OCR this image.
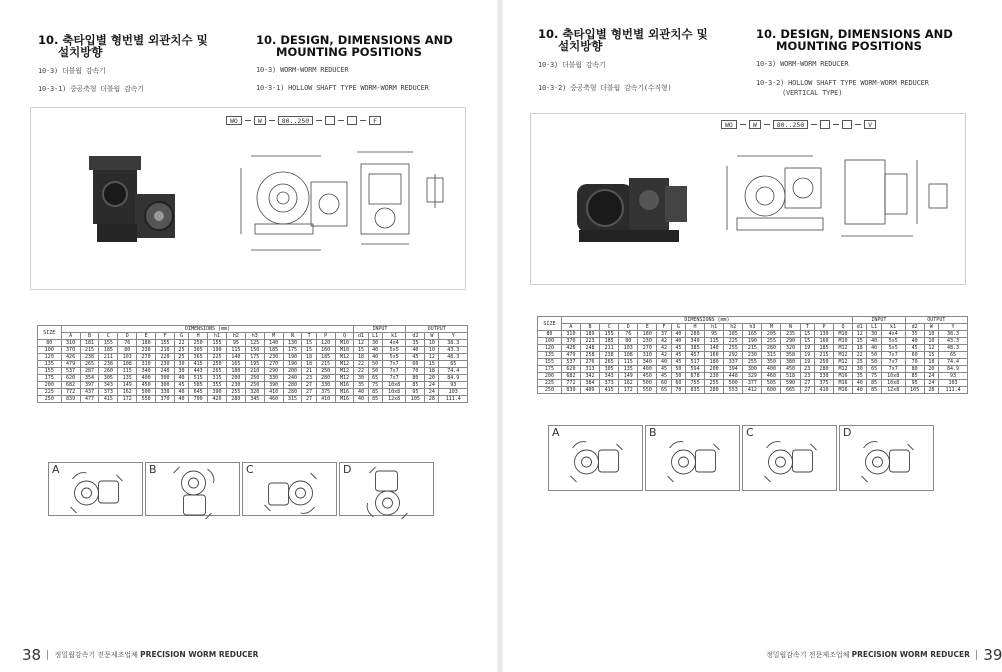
10. 축타입별 형번별 외관치수 및
설치방향
10. DESIGN, DIMENSIONS AND
MOUNTING POSITIONS
10-3) 더블웜 감속기	10-3) WORM-WORM REDUCER
10-3-1) 중공축형 더블웜 감속기	10-3-1) HOLLOW SHAFT TYPE WORM-WORM REDUCER
WO	W	80..250	F
SIZE	DIMENSIONS (mm)																INPUT			OUTPUT		
	A	B	C	D	E	F	G	H	h1	h2	h3	M	N	T	P	Q	d1	L1	k1	d2	W	Y
80	310	181	155	76	180	155	22	250	155	95	125	140	130	15	120	M10	12	30	4x4	35	10	38.3
100	370	215	185	80	230	210	25	305	190	115	150	185	175	15	160	M10	15	40	5x5	40	10	43.3
120	426	238	211	103	270	220	25	365	225	140	175	230	190	18	185	M12	18	40	5x5	45	12	48.3
135	479	265	238	108	310	230	30	415	250	165	195	270	190	18	215	M12	22	50	7x7	60	15	65
155	537	287	260	115	340	240	30	443	265	180	210	290	200	21	250	M12	22	50	7x7	70	18	74.4
175	620	354	305	135	400	300	40	515	315	200	250	330	240	23	280	M12	30	65	7x7	80	20	84.9
200	682	397	343	149	450	300	45	585	355	230	250	390	280	27	330	M16	35	75	10x8	85	24	93
225	772	437	373	162	500	330	40	645	390	255	320	410	280	27	375	M16	40	85	10x8	95	24	103
250	839	477	415	172	550	370	40	700	420	280	345	460	315	27	410	M16	40	85	12x8	105	28	111.4
A	B	C	D
38 정밀웜감속기 전문제조업체 PRECISION WORM REDUCER
10. 축타입별 형번별 외관치수 및
설치방향
10. DESIGN, DIMENSIONS AND
MOUNTING POSITIONS
10-3) 더블웜 감속기	10-3) WORM-WORM REDUCER
10-3-2) 중공축형 더블웜 감속기(수직형)
10-3-2) HOLLOW SHAFT TYPE WORM-WORM REDUCER
(VERTICAL TYPE)
WO	W	80..250	V
SIZE	DIMENSIONS (mm)																INPUT			OUTPUT		
	A	B	C	D	E	F	G	H	h1	h2	h3	M	N	T	P	Q	d1	L1	k1	d2	W	Y
80	310	189	155	76	180	37	40	280	95	185	165	205	235	15	130	M10	12	30	4x4	35	10	38.3
100	370	223	185	80	230	42	40	340	115	225	190	255	290	15	160	M10	15	40	5x5	40	10	43.3
120	426	248	211	103	270	42	45	385	140	255	215	280	320	19	185	M12	18	40	5x5	45	12	48.3
135	479	258	238	108	310	42	45	457	160	292	230	315	358	19	215	M12	22	50	7x7	60	15	65
155	537	276	265	115	340	40	45	517	180	337	255	350	380	19	250	M12	25	50	7x7	70	18	74.4
175	620	313	305	135	400	45	50	594	200	394	300	400	450	23	280	M12	30	65	7x7	80	20	84.9
200	682	342	343	149	450	45	50	678	230	448	329	460	518	23	330	M16	35	75	10x8	85	24	93
225	772	384	373	162	500	60	60	755	255	500	377	505	590	27	375	M16	40	85	10x8	95	24	103
250	839	409	415	172	550	65	70	835	280	553	412	600	665	27	410	M16	40	85	12x8	105	28	111.4
A	B	C	D
정밀웜감속기 전문제조업체 PRECISION WORM REDUCER 39
